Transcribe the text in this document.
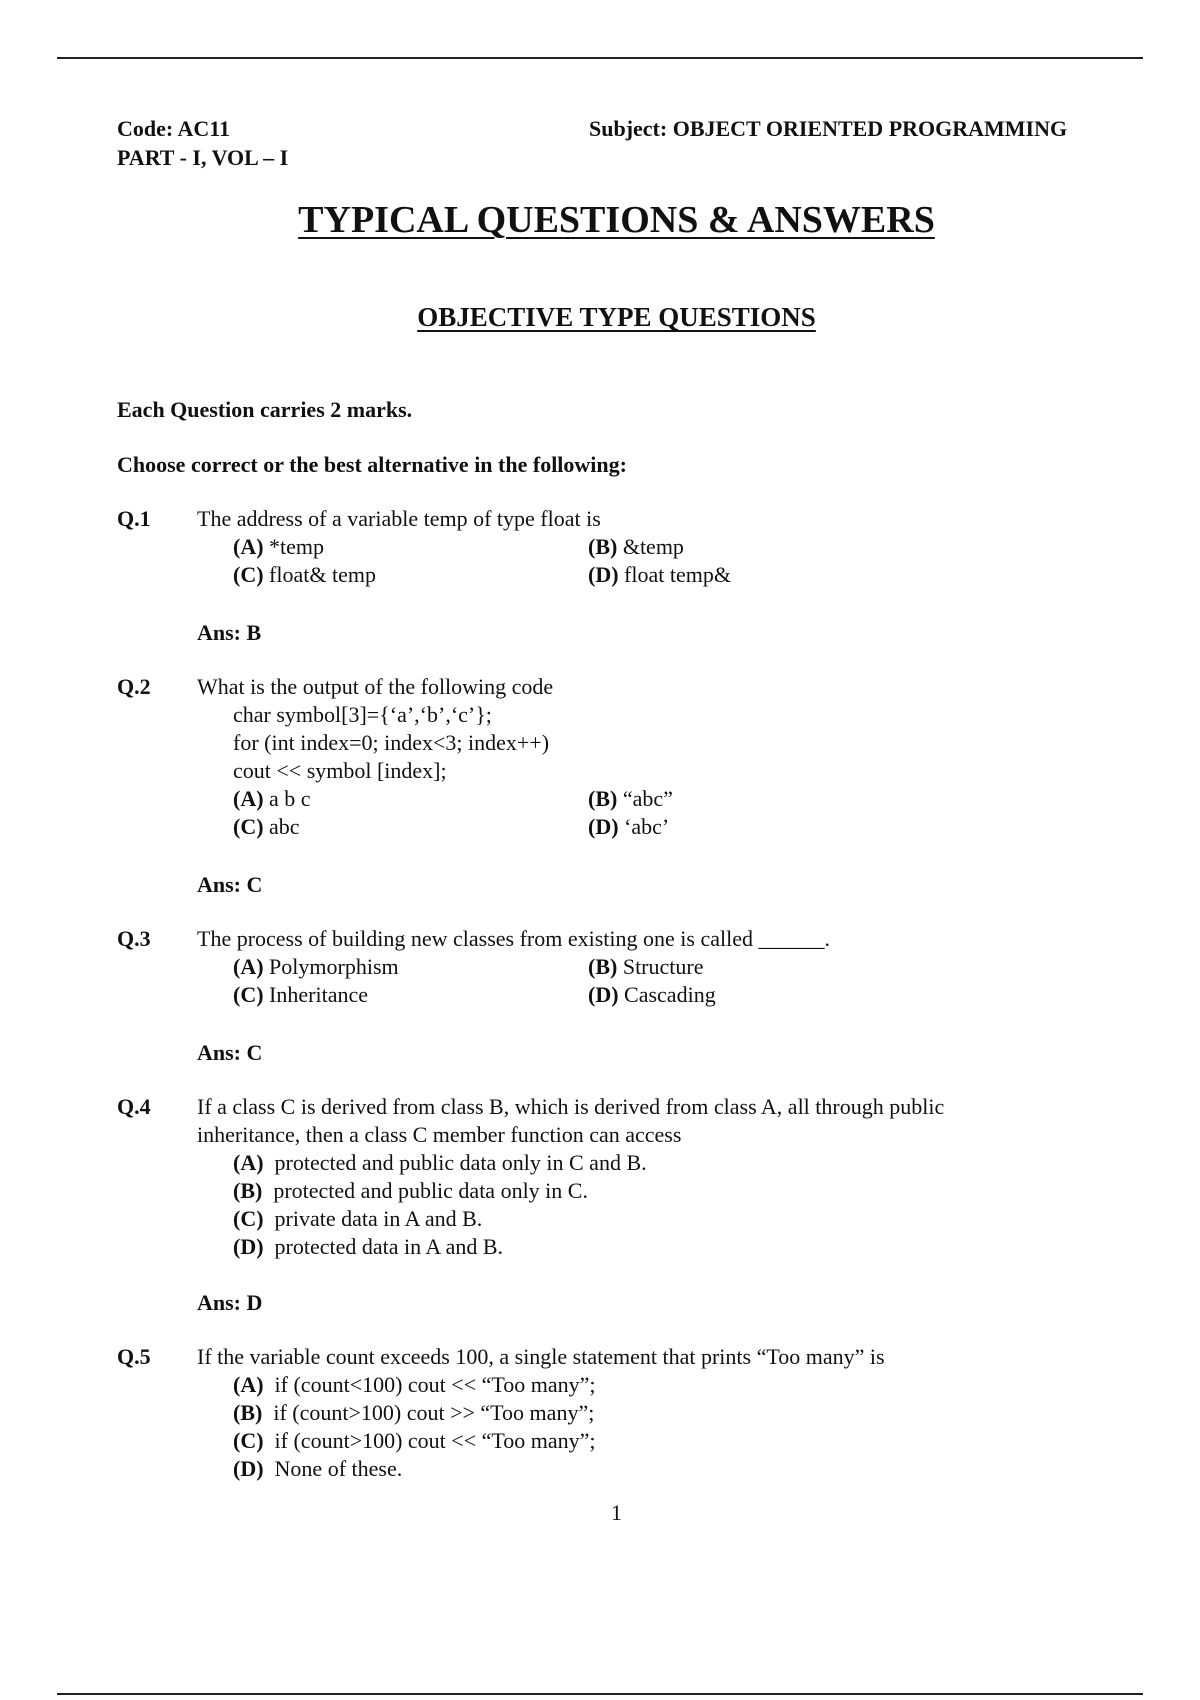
Code: AC11	Subject: OBJECT ORIENTED PROGRAMMING
PART - I, VOL – I
TYPICAL QUESTIONS & ANSWERS
OBJECTIVE TYPE QUESTIONS
Each Question carries 2 marks.
Choose correct or the best alternative in the following:
Q.1 The address of a variable temp of type float is
(A) *temp	(B) &temp
(C) float& temp	(D) float temp&
Ans: B
Q.2 What is the output of the following code
char symbol[3]={‘a’,‘b’,‘c’};
for (int index=0; index<3; index++)
cout << symbol [index];
(A) a b c	(B) “abc”
(C) abc	(D) ‘abc’
Ans: C
Q.3 The process of building new classes from existing one is called ______.
(A) Polymorphism	(B) Structure
(C) Inheritance	(D) Cascading
Ans: C
Q.4 If a class C is derived from class B, which is derived from class A, all through public
inheritance, then a class C member function can access
(A) protected and public data only in C and B.
(B) protected and public data only in C.
(C) private data in A and B.
(D) protected data in A and B.
Ans: D
Q.5 If the variable count exceeds 100, a single statement that prints “Too many” is
(A) if (count<100) cout << “Too many”;
(B) if (count>100) cout >> “Too many”;
(C) if (count>100) cout << “Too many”;
(D) None of these.
1
